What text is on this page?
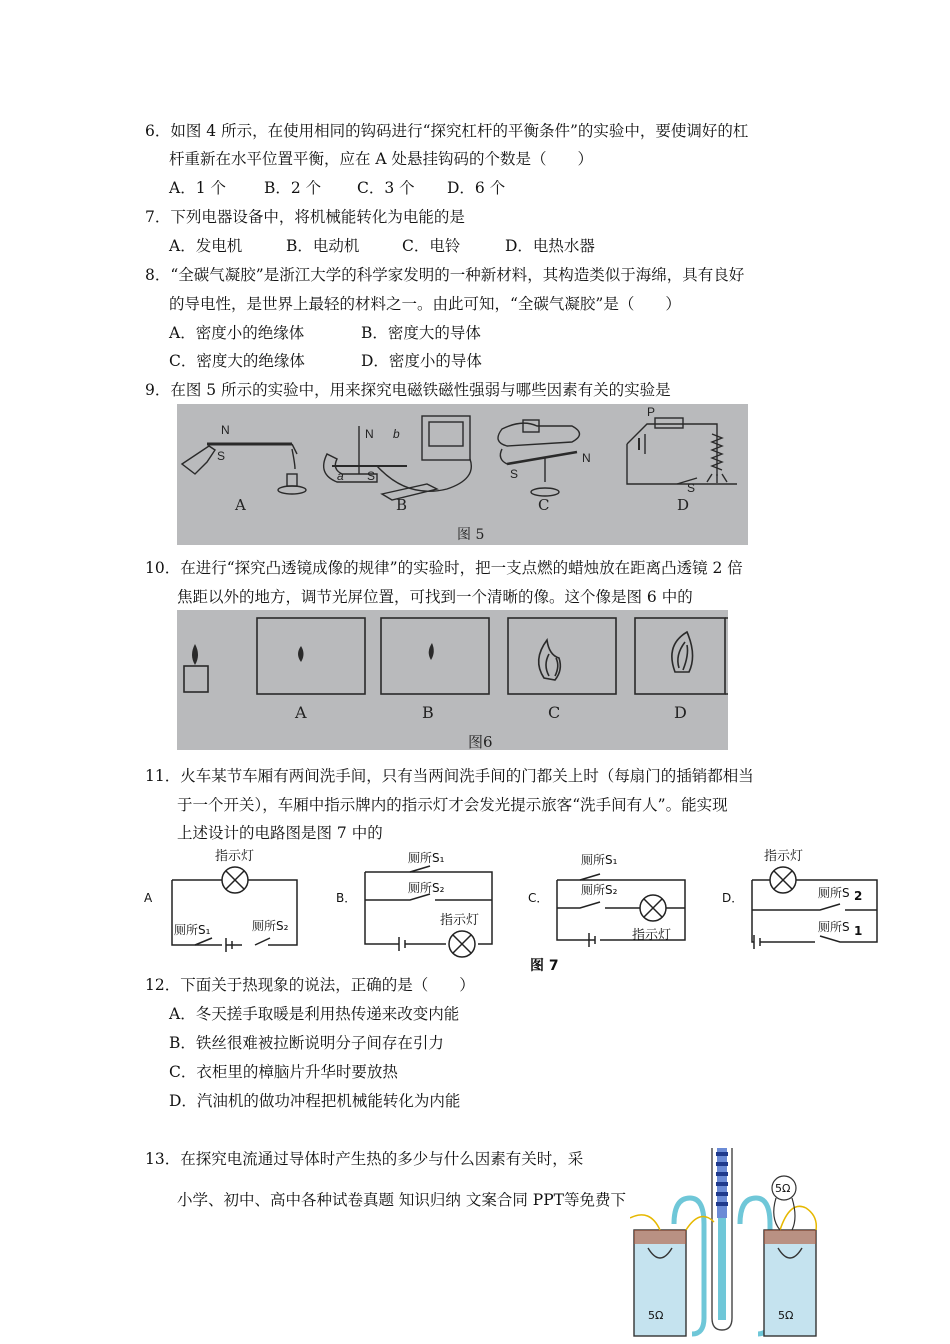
6．如图 4 所示，在使用相同的钩码进行“探究杠杆的平衡条件”的实验中，要使调好的杠
杆重新在水平位置平衡，应在 A 处悬挂钩码的个数是（　　）
A．1 个 B．2 个 C．3 个 D．6 个
7．下列电器设备中，将机械能转化为电能的是
A．发电机	B．电动机	C．电铃	D．电热水器
8．“全碳气凝胶”是浙江大学的科学家发明的一种新材料，其构造类似于海绵，具有良好
的导电性，是世界上最轻的材料之一。由此可知，“全碳气凝胶”是（　　）
A．密度小的绝缘体	B．密度大的导体
C．密度大的绝缘体	D．密度小的导体
9．在图 5 所示的实验中，用来探究电磁铁磁性强弱与哪些因素有关的实验是
N
S
N b
a S	S
N
P
S
A	B	C	D
图 5
10．在进行“探究凸透镜成像的规律”的实验时，把一支点燃的蜡烛放在距离凸透镜 2 倍
焦距以外的地方，调节光屏位置，可找到一个清晰的像。这个像是图 6 中的
A	B	C	D
图6
11．火车某节车厢有两间洗手间，只有当两间洗手间的门都关上时（每扇门的插销都相当
于一个开关），车厢中指示牌内的指示灯才会发光提示旅客“洗手间有人”。能实现
上述设计的电路图是图 7 中的
A	B．	C．	D．
指示灯
厕所S₁	厕所S₂
厕所S₁
厕所S₂
指示灯
厕所S₁
厕所S₂
指示灯
指示灯
厕所S 2
厕所S 1
图 7
12．下面关于热现象的说法，正确的是（　　）
A．冬天搓手取暖是利用热传递来改变内能
B．铁丝很难被拉断说明分子间存在引力
C．衣柜里的樟脑片升华时要放热
D．汽油机的做功冲程把机械能转化为内能
13．在探究电流通过导体时产生热的多少与什么因素有关时，采
小学、初中、高中各种试卷真题 知识归纳 文案合同 PPT等免费下
5Ω
5Ω	5Ω
